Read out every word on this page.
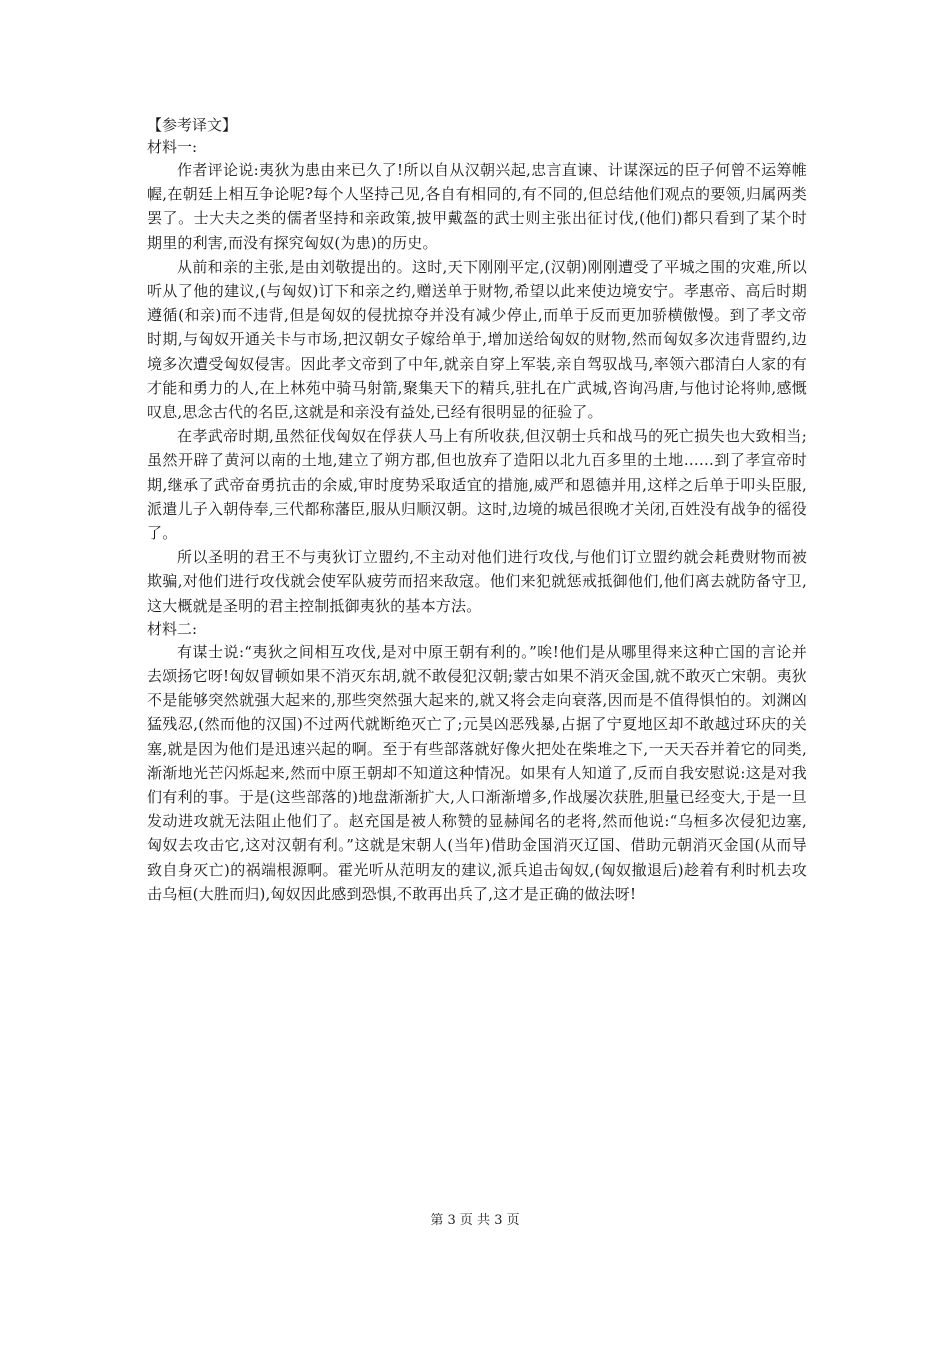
【参考译文】
材料一:

作者评论说:夷狄为患由来已久了!所以自从汉朝兴起,忠言直谏、计谋深远的臣子何曾不运筹帷幄,在朝廷上相互争论呢?每个人坚持己见,各自有相同的,有不同的,但总结他们观点的要领,归属两类罢了。士大夫之类的儒者坚持和亲政策,披甲戴盔的武士则主张出征讨伐,(他们)都只看到了某个时期里的利害,而没有探究匈奴(为患)的历史。

从前和亲的主张,是由刘敬提出的。这时,天下刚刚平定,(汉朝)刚刚遭受了平城之围的灾难,所以听从了他的建议,(与匈奴)订下和亲之约,赠送单于财物,希望以此来使边境安宁。孝惠帝、高后时期遵循(和亲)而不违背,但是匈奴的侵扰掠夺并没有减少停止,而单于反而更加骄横傲慢。到了孝文帝时期,与匈奴开通关卡与市场,把汉朝女子嫁给单于,增加送给匈奴的财物,然而匈奴多次违背盟约,边境多次遭受匈奴侵害。因此孝文帝到了中年,就亲自穿上军装,亲自驾驭战马,率领六郡清白人家的有才能和勇力的人,在上林苑中骑马射箭,聚集天下的精兵,驻扎在广武城,咨询冯唐,与他讨论将帅,感慨叹息,思念古代的名臣,这就是和亲没有益处,已经有很明显的征验了。

在孝武帝时期,虽然征伐匈奴在俘获人马上有所收获,但汉朝士兵和战马的死亡损失也大致相当;虽然开辟了黄河以南的土地,建立了朔方郡,但也放弃了造阳以北九百多里的土地……到了孝宣帝时期,继承了武帝奋勇抗击的余威,审时度势采取适宜的措施,威严和恩德并用,这样之后单于叩头臣服,派遣儿子入朝侍奉,三代都称藩臣,服从归顺汉朝。这时,边境的城邑很晚才关闭,百姓没有战争的徭役了。

所以圣明的君王不与夷狄订立盟约,不主动对他们进行攻伐,与他们订立盟约就会耗费财物而被欺骗,对他们进行攻伐就会使军队疲劳而招来敌寇。他们来犯就惩戒抵御他们,他们离去就防备守卫,这大概就是圣明的君主控制抵御夷狄的基本方法。

材料二:

有谋士说:“夷狄之间相互攻伐,是对中原王朝有利的。”唉!他们是从哪里得来这种亡国的言论并去颂扬它呀!匈奴冒顿如果不消灭东胡,就不敢侵犯汉朝;蒙古如果不消灭金国,就不敢灭亡宋朝。夷狄不是能够突然就强大起来的,那些突然强大起来的,就又将会走向衰落,因而是不值得惧怕的。刘渊凶猛残忍,(然而他的汉国)不过两代就断绝灭亡了;元昊凶恶残暴,占据了宁夏地区却不敢越过环庆的关塞,就是因为他们是迅速兴起的啊。至于有些部落就好像火把处在柴堆之下,一天天吞并着它的同类,渐渐地光芒闪烁起来,然而中原王朝却不知道这种情况。如果有人知道了,反而自我安慰说:这是对我们有利的事。于是(这些部落的)地盘渐渐扩大,人口渐渐增多,作战屡次获胜,胆量已经变大,于是一旦发动进攻就无法阻止他们了。赵充国是被人称赞的显赫闻名的老将,然而他说:“乌桓多次侵犯边塞,匈奴去攻击它,这对汉朝有利。”这就是宋朝人(当年)借助金国消灭辽国、借助元朝消灭金国(从而导致自身灭亡)的祸端根源啊。霍光听从范明友的建议,派兵追击匈奴,(匈奴撤退后)趁着有利时机去攻击乌桓(大胜而归),匈奴因此感到恐惧,不敢再出兵了,这才是正确的做法呀!

第 3 页 共 3 页
